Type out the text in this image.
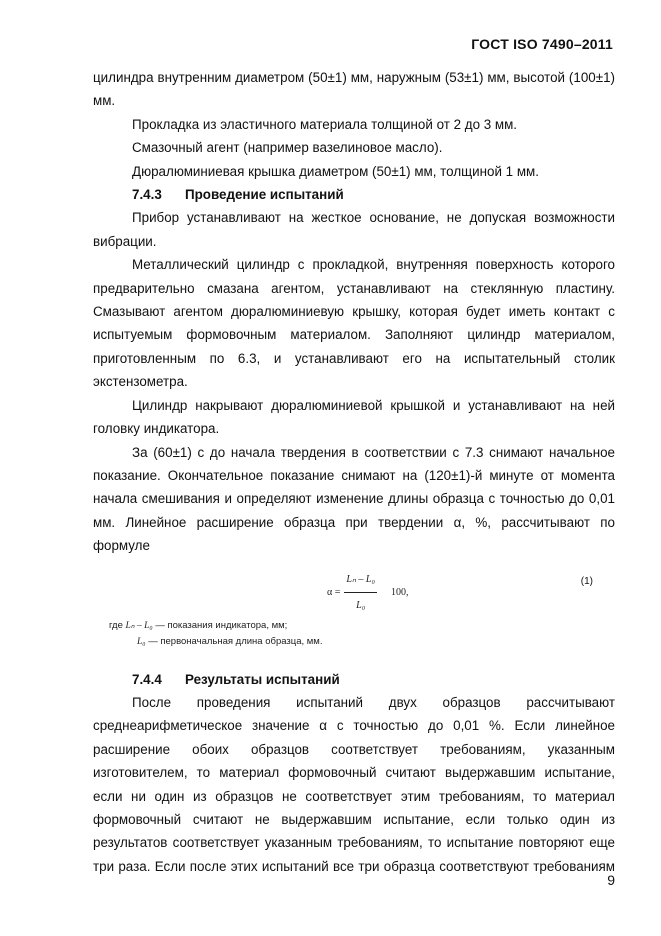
ГОСТ ISO 7490–2011

цилиндра внутренним диаметром (50±1) мм, наружным (53±1) мм, высотой (100±1) мм.

Прокладка из эластичного материала толщиной от 2 до 3 мм.

Смазочный агент (например вазелиновое масло).

Дюралюминиевая крышка диаметром (50±1) мм, толщиной 1 мм.

7.4.3 Проведение испытаний

Прибор устанавливают на жесткое основание, не допуская возможности вибрации.

Металлический цилиндр с прокладкой, внутренняя поверхность которого предварительно смазана агентом, устанавливают на стеклянную пластину. Смазывают агентом дюралюминиевую крышку, которая будет иметь контакт с испытуемым формовочным материалом. Заполняют цилиндр материалом, приготовленным по 6.3, и устанавливают его на испытательный столик экстензометра.

Цилиндр накрывают дюралюминиевой крышкой и устанавливают на ней головку индикатора.

За (60±1) с до начала твердения в соответствии с 7.3 снимают начальное показание. Окончательное показание снимают на (120±1)-й минуте от момента начала смешивания и определяют изменение длины образца с точностью до 0,01 мм. Линейное расширение образца при твердении α, %, рассчитывают по формуле

$\alpha = \frac{\text{Lₙ – L₀}}{\text{L₀}} 100$,
(1)
где Lₙ – L₀ — показания индикатора, мм;
L₀ — первоначальная длина образца, мм.

7.4.4 Результаты испытаний

После проведения испытаний двух образцов рассчитывают среднеарифметическое значение α с точностью до 0,01 %. Если линейное расширение обоих образцов соответствует требованиям, указанным изготовителем, то материал формовочный считают выдержавшим испытание, если ни один из образцов не соответствует этим требованиям, то материал формовочный считают не выдержавшим испытание, если только один из результатов соответствует указанным требованиям, то испытание повторяют еще три раза. Если после этих испытаний все три образца соответствуют требованиям

9
